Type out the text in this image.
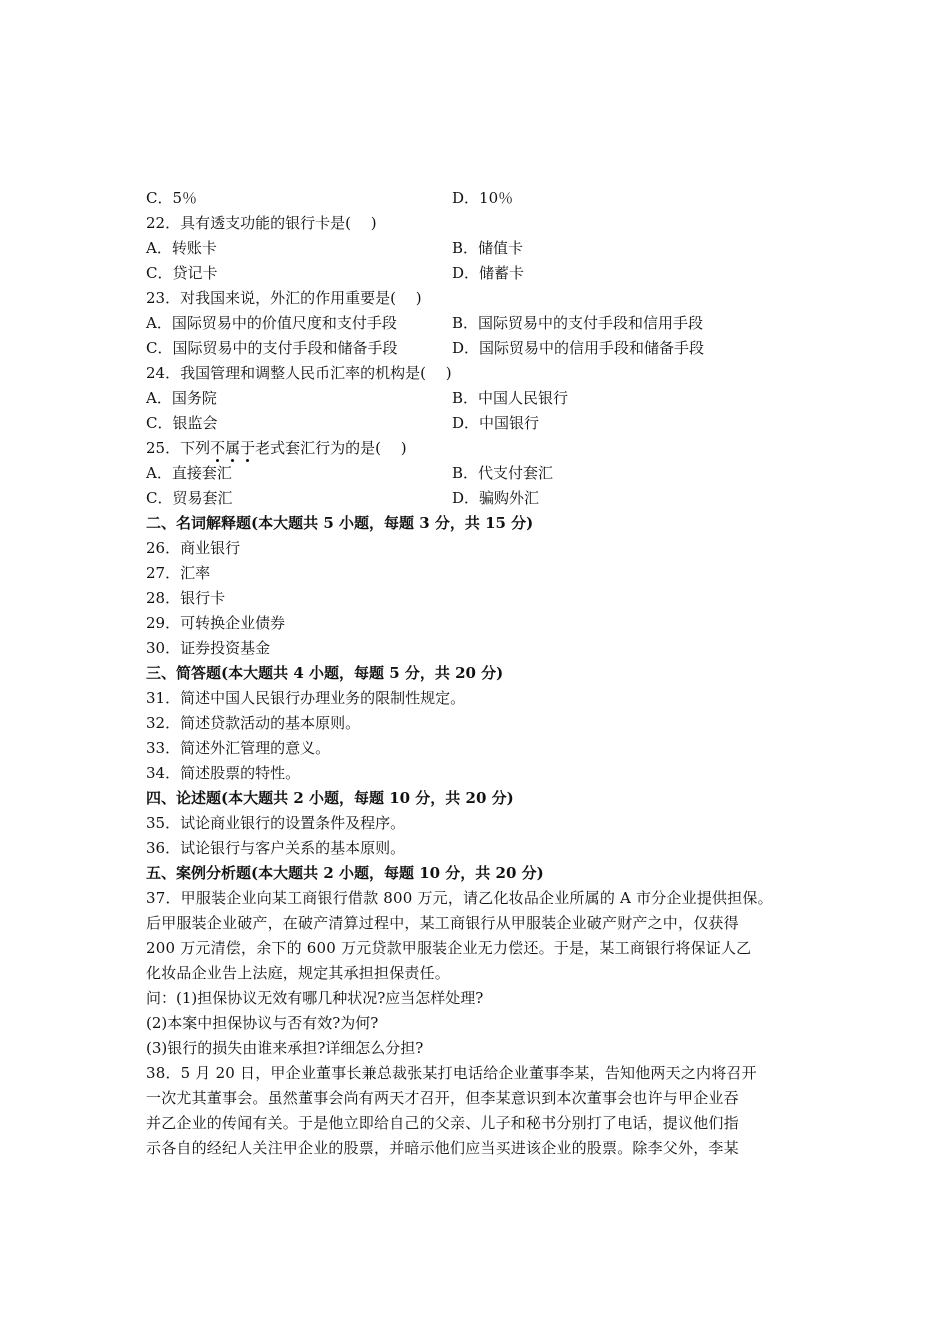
C．5％	D．10％
22．具有透支功能的银行卡是(　 )
A．转账卡	B．储值卡
C．贷记卡	D．储蓄卡
23．对我国来说，外汇的作用重要是(　 )
A．国际贸易中的价值尺度和支付手段	B．国际贸易中的支付手段和信用手段
C．国际贸易中的支付手段和储备手段	D．国际贸易中的信用手段和储备手段
24．我国管理和调整人民币汇率的机构是(　 )
A．国务院	B．中国人民银行
C．银监会	D．中国银行
25．下列不属于
老式套汇行为的是(　 )
A．直接套汇	B．代支付套汇
C．贸易套汇	D．骗购外汇
二、名词解释题(本大题共 5 小题，每题 3 分，共 15 分)
26．商业银行
27．汇率
28．银行卡
29．可转换企业债券
30．证券投资基金
三、简答题(本大题共 4 小题，每题 5 分，共 20 分)
31．简述中国人民银行办理业务的限制性规定。
32．简述贷款活动的基本原则。
33．简述外汇管理的意义。
34．简述股票的特性。
四、论述题(本大题共 2 小题，每题 10 分，共 20 分)
35．试论商业银行的设置条件及程序。
36．试论银行与客户关系的基本原则。
五、案例分析题(本大题共 2 小题，每题 10 分，共 20 分)
37．甲服装企业向某工商银行借款 800 万元，请乙化妆品企业所属的 A 市分企业提供担保。
后甲服装企业破产，在破产清算过程中，某工商银行从甲服装企业破产财产之中，仅获得
200 万元清偿，余下的 600 万元贷款甲服装企业无力偿还。于是，某工商银行将保证人乙
化妆品企业告上法庭，规定其承担担保责任。
问：(1)担保协议无效有哪几种状况?应当怎样处理?
(2)本案中担保协议与否有效?为何?
(3)银行的损失由谁来承担?详细怎么分担?
38．5 月 20 日，甲企业董事长兼总裁张某打电话给企业董事李某，告知他两天之内将召开
一次尤其董事会。虽然董事会尚有两天才召开，但李某意识到本次董事会也许与甲企业吞
并乙企业的传闻有关。于是他立即给自己的父亲、儿子和秘书分别打了电话，提议他们指
示各自的经纪人关注甲企业的股票，并暗示他们应当买进该企业的股票。除李父外，李某
